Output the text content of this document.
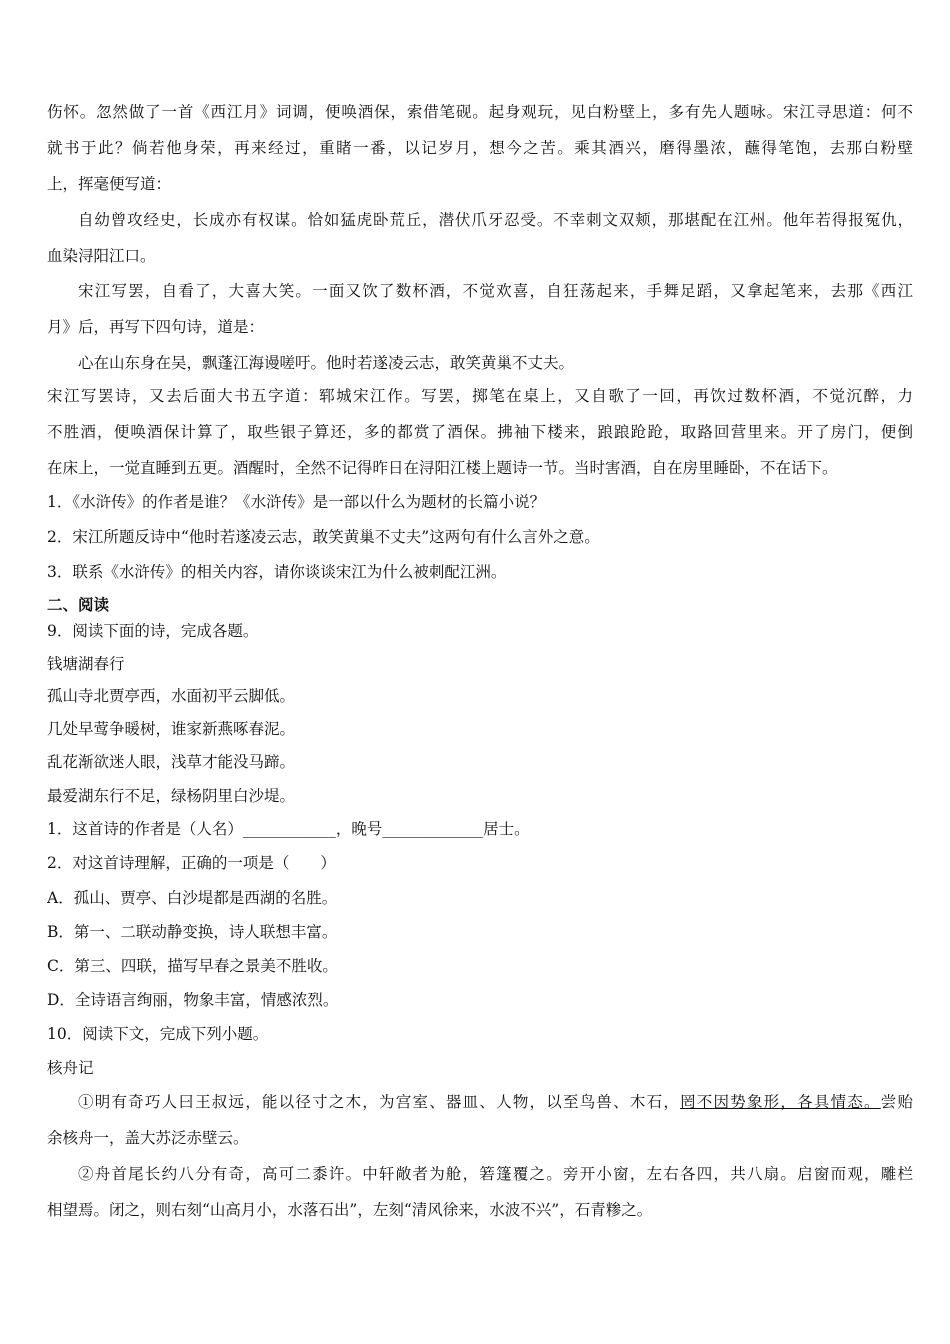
伤怀。忽然做了一首《西江月》词调，便唤酒保，索借笔砚。起身观玩，见白粉壁上，多有先人题咏。宋江寻思道：何不
就书于此？倘若他身荣，再来经过，重睹一番，以记岁月，想今之苦。乘其酒兴，磨得墨浓，蘸得笔饱，去那白粉壁
上，挥毫便写道：
自幼曾攻经史，长成亦有权谋。恰如猛虎卧荒丘，潜伏爪牙忍受。不幸刺文双颊，那堪配在江州。他年若得报冤仇，
血染浔阳江口。
宋江写罢，自看了，大喜大笑。一面又饮了数杯酒，不觉欢喜，自狂荡起来，手舞足蹈，又拿起笔来，去那《西江
月》后，再写下四句诗，道是：
心在山东身在吴，飘蓬江海谩嗟吁。他时若遂凌云志，敢笑黄巢不丈夫。
宋江写罢诗，又去后面大书五字道：郓城宋江作。写罢，掷笔在桌上，又自歌了一回，再饮过数杯酒，不觉沉醉，力
不胜酒，便唤酒保计算了，取些银子算还，多的都赏了酒保。拂袖下楼来，踉踉跄跄，取路回营里来。开了房门，便倒
在床上，一觉直睡到五更。酒醒时，全然不记得昨日在浔阳江楼上题诗一节。当时害酒，自在房里睡卧，不在话下。
1．《水浒传》的作者是谁？《水浒传》是一部以什么为题材的长篇小说？
2．宋江所题反诗中“他时若遂凌云志，敢笑黄巢不丈夫”这两句有什么言外之意。
3．联系《水浒传》的相关内容，请你谈谈宋江为什么被刺配江洲。
二、阅读
9．阅读下面的诗，完成各题。
钱塘湖春行
孤山寺北贾亭西，水面初平云脚低。
几处早莺争暖树，谁家新燕啄春泥。
乱花渐欲迷人眼，浅草才能没马蹄。
最爱湖东行不足，绿杨阴里白沙堤。
1．这首诗的作者是（人名）____________，晚号_____________居士。
2．对这首诗理解，正确的一项是（　　）
A．孤山、贾亭、白沙堤都是西湖的名胜。
B．第一、二联动静变换，诗人联想丰富。
C．第三、四联，描写早春之景美不胜收。
D．全诗语言绚丽，物象丰富，情感浓烈。
10．阅读下文，完成下列小题。
核舟记
①明有奇巧人曰王叔远，能以径寸之木，为宫室、器皿、人物，以至鸟兽、木石，罔不因势象形，各具情态。尝贻
余核舟一，盖大苏泛赤壁云。
②舟首尾长约八分有奇，高可二黍许。中轩敞者为舱，箬篷覆之。旁开小窗，左右各四，共八扇。启窗而观，雕栏
相望焉。闭之，则右刻“山高月小，水落石出”，左刻“清风徐来，水波不兴”，石青糁之。
